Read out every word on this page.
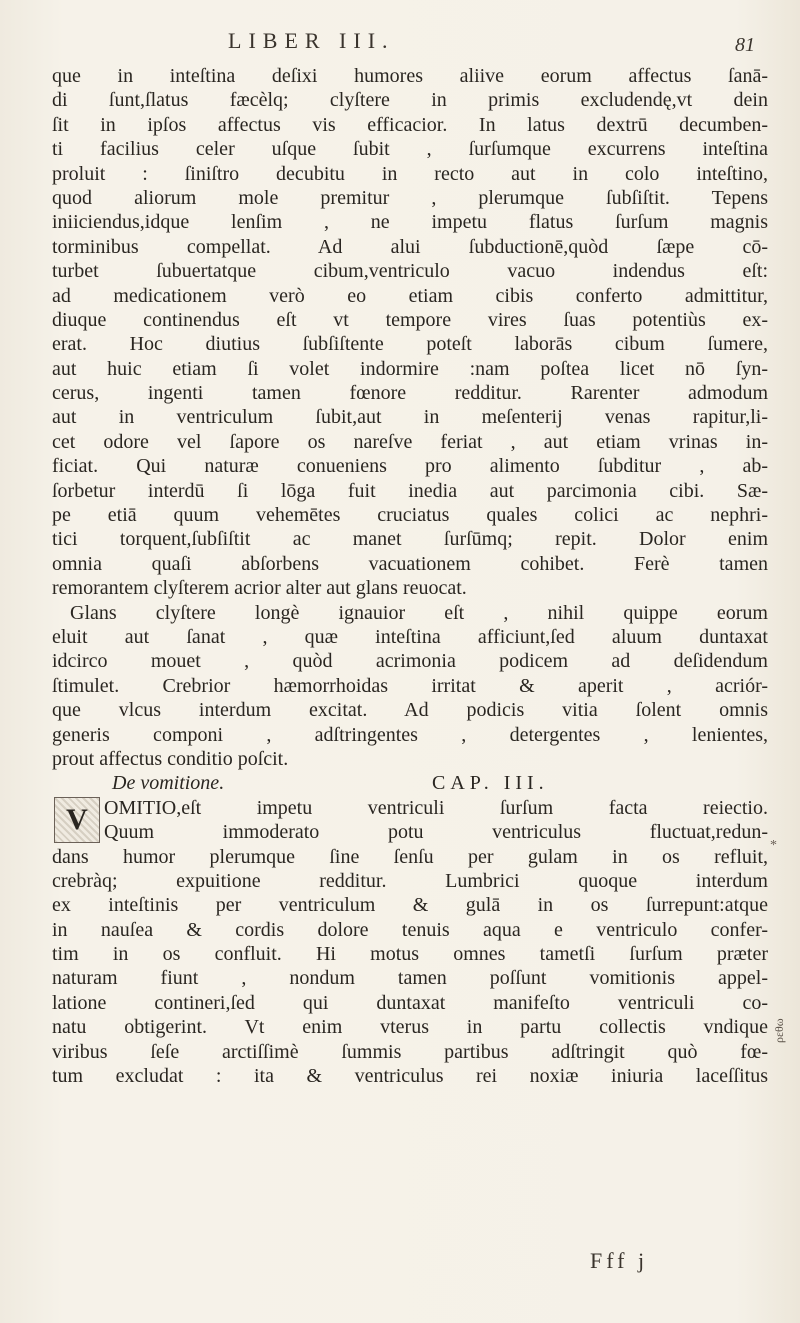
LIBER III.	81
que in inteſtina deſixi humores aliive eorum affectus ſanā-
di ſunt,ſlatus fæcèlq; clyſtere in primis excludendę,vt dein
ſit in ipſos affectus vis efficacior. In latus dextrū decumben-
ti facilius celer uſque ſubit , ſurſumque excurrens inteſtina
proluit : ſiniſtro decubitu in recto aut in colo inteſtino,
quod aliorum mole premitur , plerumque ſubſiſtit. Tepens
iniiciendus,idque lenſim , ne impetu flatus ſurſum magnis
torminibus compellat. Ad alui ſubductionē,quòd ſæpe cō-
turbet ſubuertatque cibum,ventriculo vacuo indendus eſt:
ad medicationem verò eo etiam cibis conferto admittitur,
diuque continendus eſt vt tempore vires ſuas potentiùs ex-
erat. Hoc diutius ſubſiſtente poteſt laborās cibum ſumere,
aut huic etiam ſi volet indormire :nam poſtea licet nō ſyn-
cerus, ingenti tamen fœnore redditur. Rarenter admodum
aut in ventriculum ſubit,aut in meſenterij venas rapitur,li-
cet odore vel ſapore os nareſve feriat , aut etiam vrinas in-
ficiat. Qui naturæ conueniens pro alimento ſubditur , ab-
ſorbetur interdū ſi lōga fuit inedia aut parcimonia cibi. Sæ-
pe etiā quum vehemētes cruciatus quales colici ac nephri-
tici torquent,ſubſiſtit ac manet ſurſūmq; repit. Dolor enim
omnia quaſi abſorbens vacuationem cohibet. Ferè tamen
remorantem clyſterem acrior alter aut glans reuocat.
Glans clyſtere longè ignauior eſt , nihil quippe eorum
eluit aut ſanat , quæ inteſtina afficiunt,ſed aluum duntaxat
idcirco mouet , quòd acrimonia podicem ad deſidendum
ſtimulet. Crebrior hæmorrhoidas irritat & aperit , acriór-
que vlcus interdum excitat. Ad podicis vitia ſolent omnis
generis componi , adſtringentes , detergentes , lenientes,
prout affectus conditio poſcit.
De vomitione.	CAP. III.
OMITIO,eſt impetu ventriculi ſurſum facta reiectio.
Quum immoderato potu ventriculus fluctuat,redun-
dans humor plerumque ſine ſenſu per gulam in os refluit,
crebràq; expuitione redditur. Lumbrici quoque interdum
ex inteſtinis per ventriculum & gulā in os ſurrepunt:atque
in nauſea & cordis dolore tenuis aqua e ventriculo confer-
tim in os confluit. Hi motus omnes tametſi ſurſum præter
naturam fiunt , nondum tamen poſſunt vomitionis appel-
latione contineri,ſed qui duntaxat manifeſto ventriculi co-
natu obtigerint. Vt enim vterus in partu collectis vndique
viribus ſeſe arctiſſimè ſummis partibus adſtringit quò fœ-
tum excludat : ita & ventriculus rei noxiæ iniuria laceſſitus
V
*
ρεθω
Fff j
